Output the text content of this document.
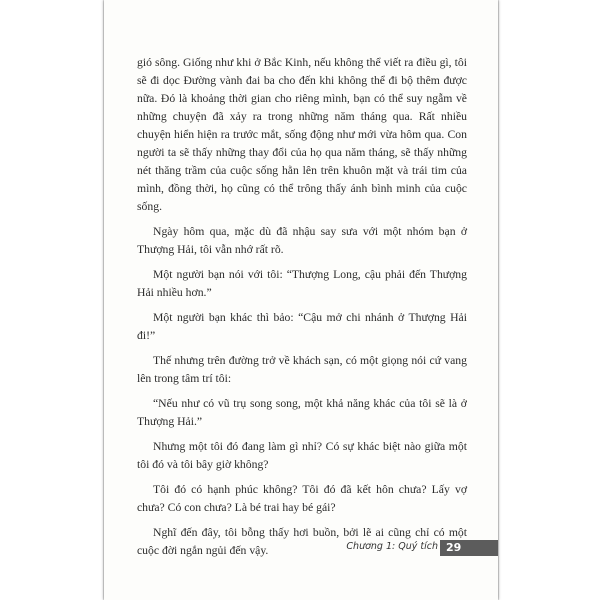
gió sông. Giống như khi ở Bắc Kinh, nếu không thể viết ra điều gì, tôi sẽ đi dọc Đường vành đai ba cho đến khi không thể đi bộ thêm được nữa. Đó là khoảng thời gian cho riêng mình, bạn có thể suy ngẫm về những chuyện đã xảy ra trong những năm tháng qua. Rất nhiều chuyện hiển hiện ra trước mắt, sống động như mới vừa hôm qua. Con người ta sẽ thấy những thay đổi của họ qua năm tháng, sẽ thấy những nét thăng trầm của cuộc sống hằn lên trên khuôn mặt và trái tim của mình, đồng thời, họ cũng có thể trông thấy ánh bình minh của cuộc sống.

Ngày hôm qua, mặc dù đã nhậu say sưa với một nhóm bạn ở Thượng Hải, tôi vẫn nhớ rất rõ.

Một người bạn nói với tôi: “Thượng Long, cậu phải đến Thượng Hải nhiều hơn.”

Một người bạn khác thì bảo: “Cậu mở chi nhánh ở Thượng Hải đi!”

Thế nhưng trên đường trở về khách sạn, có một giọng nói cứ vang lên trong tâm trí tôi:

“Nếu như có vũ trụ song song, một khả năng khác của tôi sẽ là ở Thượng Hải.”

Nhưng một tôi đó đang làm gì nhỉ? Có sự khác biệt nào giữa một tôi đó và tôi bây giờ không?

Tôi đó có hạnh phúc không? Tôi đó đã kết hôn chưa? Lấy vợ chưa? Có con chưa? Là bé trai hay bé gái?

Nghĩ đến đây, tôi bỗng thấy hơi buồn, bởi lẽ ai cũng chỉ có một cuộc đời ngắn ngủi đến vậy.	Chương 1: Quý tích 29
